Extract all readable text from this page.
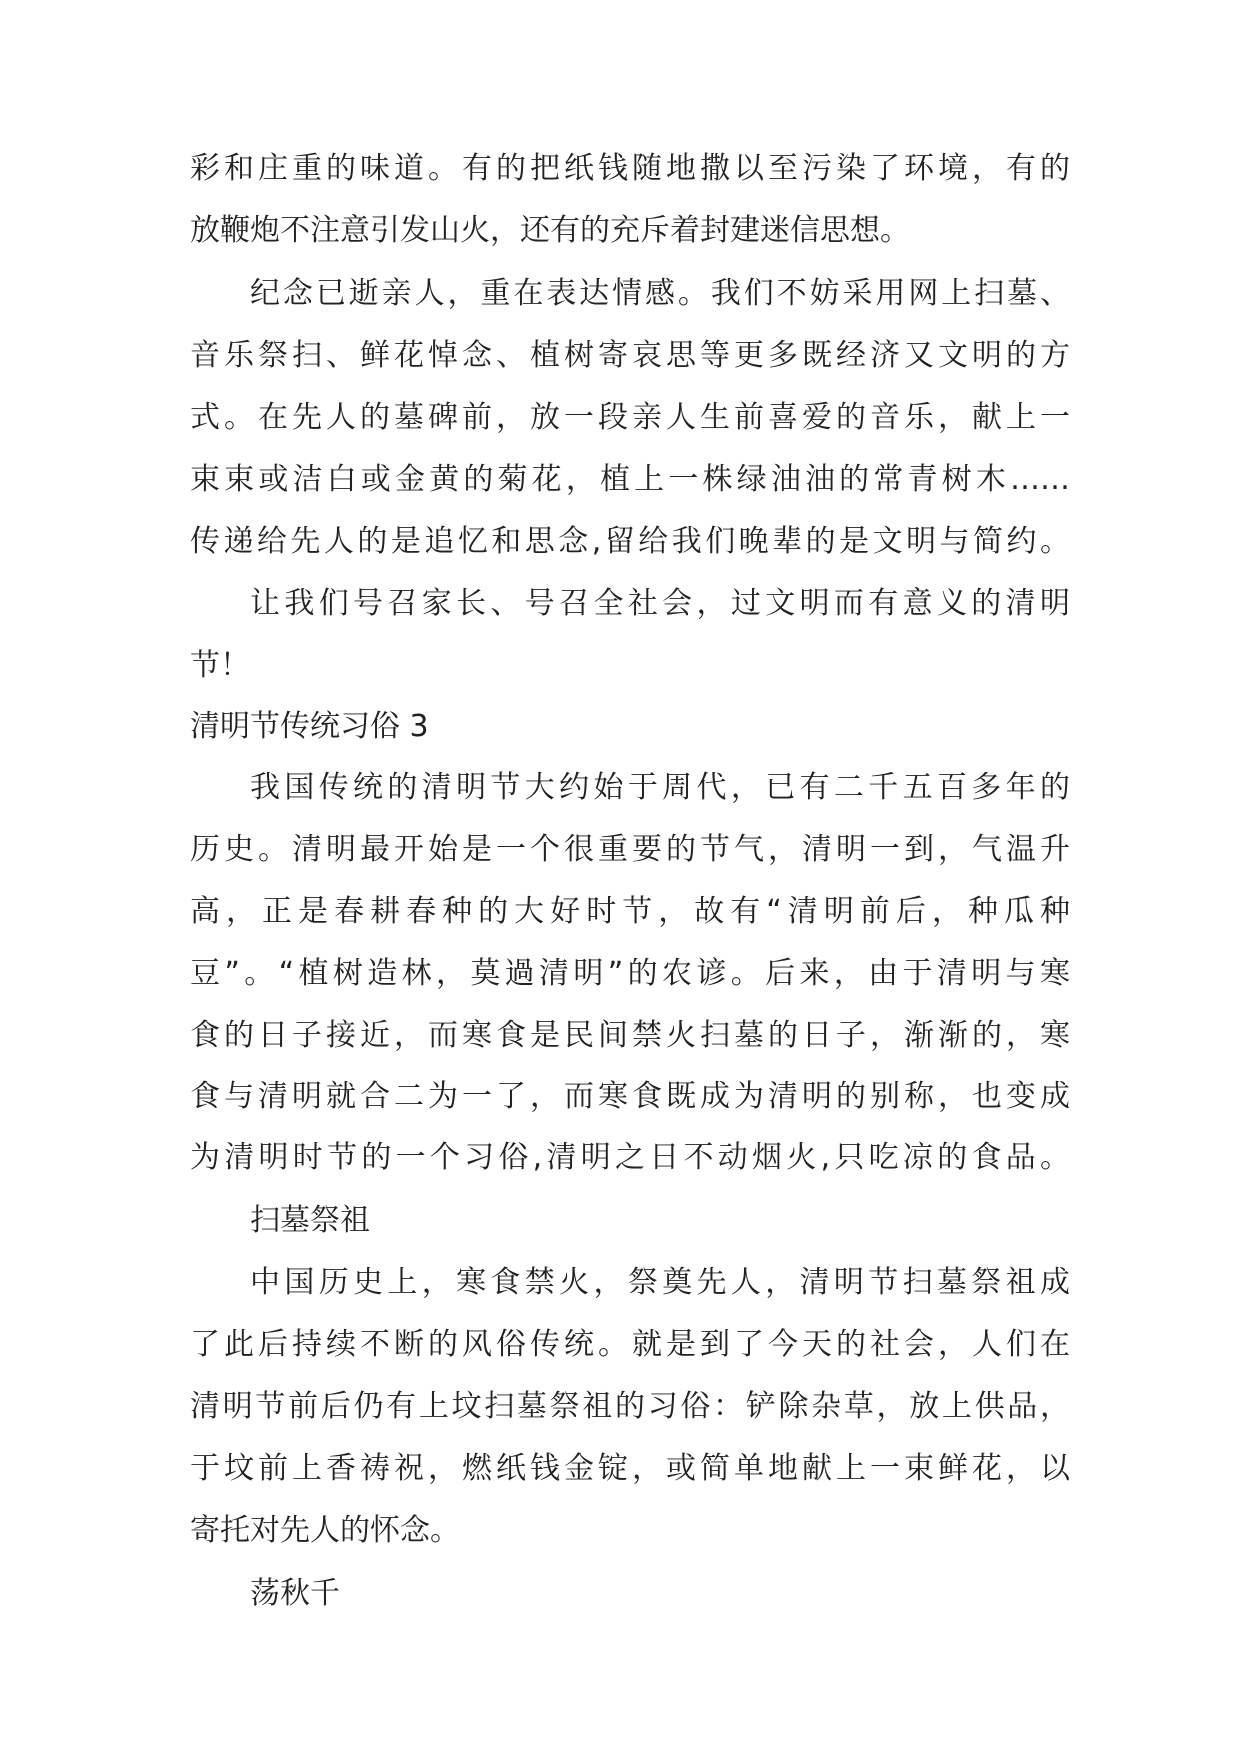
彩和庄重的味道。有的把纸钱随地撒以至污染了环境，有的
放鞭炮不注意引发山火，还有的充斥着封建迷信思想。
纪念已逝亲人，重在表达情感。我们不妨采用网上扫墓、
音乐祭扫、鲜花悼念、植树寄哀思等更多既经济又文明的方
式。在先人的墓碑前，放一段亲人生前喜爱的音乐，献上一
束束或洁白或金黄的菊花，植上一株绿油油的常青树木……
传递给先人的是追忆和思念,留给我们晚辈的是文明与简约。
让我们号召家长、号召全社会，过文明而有意义的清明
节！
清明节传统习俗 3
我国传统的清明节大约始于周代，已有二千五百多年的
历史。清明最开始是一个很重要的节气，清明一到，气温升
高，正是春耕春种的大好时节，故有“清明前后，种瓜种
豆”。“植树造林，莫過清明”的农谚。后来，由于清明与寒
食的日子接近，而寒食是民间禁火扫墓的日子，渐渐的，寒
食与清明就合二为一了，而寒食既成为清明的别称，也变成
为清明时节的一个习俗,清明之日不动烟火,只吃凉的食品。
扫墓祭祖
中国历史上，寒食禁火，祭奠先人，清明节扫墓祭祖成
了此后持续不断的风俗传统。就是到了今天的社会，人们在
清明节前后仍有上坟扫墓祭祖的习俗：铲除杂草，放上供品，
于坟前上香祷祝，燃纸钱金锭，或简单地献上一束鲜花，以
寄托对先人的怀念。
荡秋千
